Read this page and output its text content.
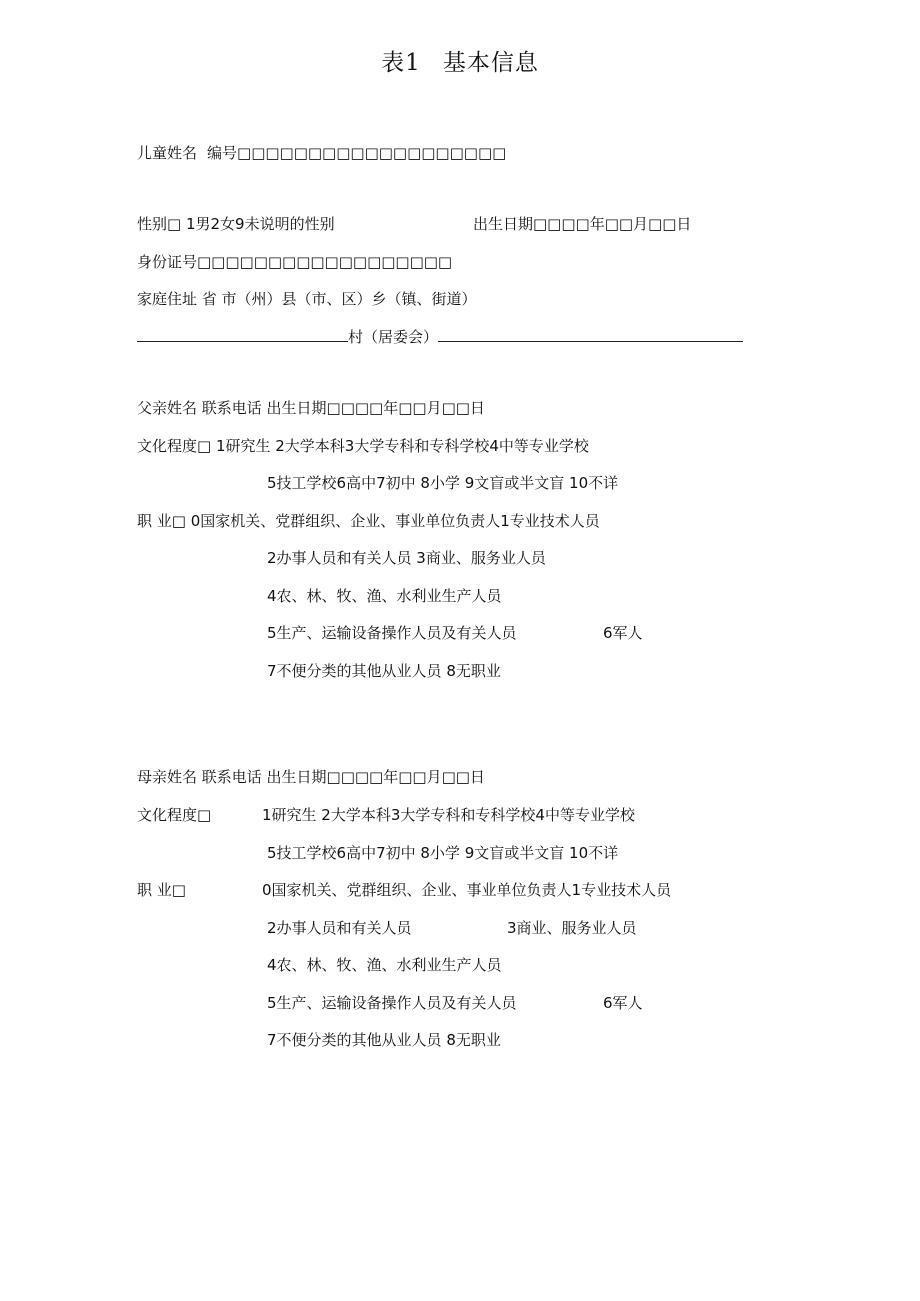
表1 基本信息
儿童姓名 编号□□□□□□□□□□□□□□□□□□□
性别□ 1男2女9未说明的性别	出生日期□□□□年□□月□□日
身份证号□□□□□□□□□□□□□□□□□□
家庭住址 省 市（州）县（市、区）乡（镇、街道）
村（居委会）
父亲姓名 联系电话 出生日期□□□□年□□月□□日
文化程度□ 1研究生 2大学本科3大学专科和专科学校4中等专业学校
5技工学校6高中7初中 8小学 9文盲或半文盲 10不详
职 业□ 0国家机关、党群组织、企业、事业单位负责人1专业技术人员
2办事人员和有关人员 3商业、服务业人员
4农、林、牧、渔、水利业生产人员
5生产、运输设备操作人员及有关人员	6军人
7不便分类的其他从业人员 8无职业
母亲姓名 联系电话 出生日期□□□□年□□月□□日
文化程度□	1研究生 2大学本科3大学专科和专科学校4中等专业学校
5技工学校6高中7初中 8小学 9文盲或半文盲 10不详
职 业□	0国家机关、党群组织、企业、事业单位负责人1专业技术人员
2办事人员和有关人员	3商业、服务业人员
4农、林、牧、渔、水利业生产人员
5生产、运输设备操作人员及有关人员	6军人
7不便分类的其他从业人员 8无职业
